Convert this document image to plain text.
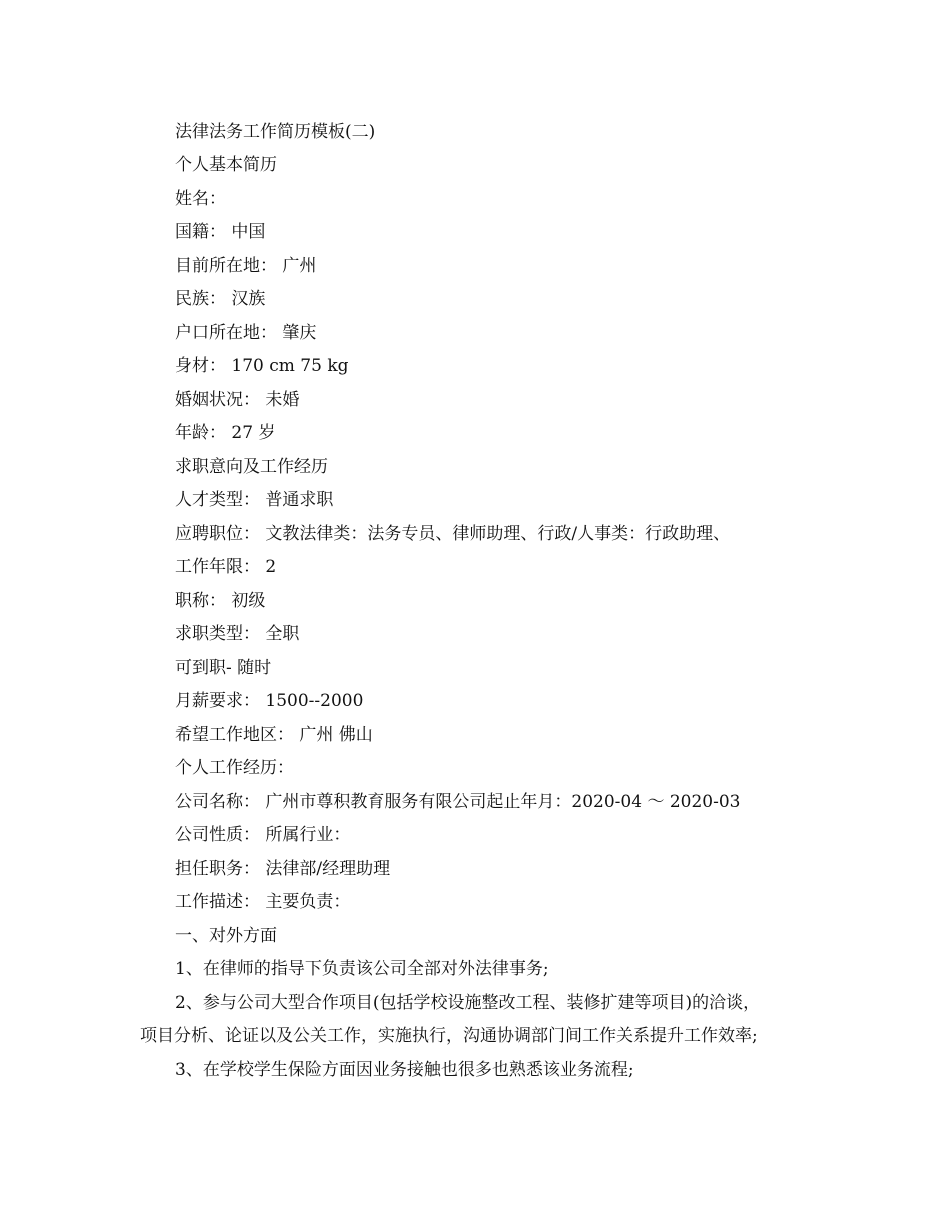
法律法务工作简历模板(二)
个人基本简历
姓名：
国籍： 中国
目前所在地： 广州
民族： 汉族
户口所在地： 肇庆
身材： 170 cm 75 kg
婚姻状况： 未婚
年龄： 27 岁
求职意向及工作经历
人才类型： 普通求职
应聘职位： 文教法律类：法务专员、律师助理、行政/人事类：行政助理、
工作年限： 2
职称： 初级
求职类型： 全职
可到职- 随时
月薪要求： 1500--2000
希望工作地区： 广州 佛山
个人工作经历：
公司名称： 广州市尊积教育服务有限公司起止年月：2020-04 ～ 2020-03
公司性质： 所属行业：
担任职务： 法律部/经理助理
工作描述： 主要负责：
一、对外方面
1、在律师的指导下负责该公司全部对外法律事务;
2、参与公司大型合作项目(包括学校设施整改工程、装修扩建等项目)的洽谈，
项目分析、论证以及公关工作，实施执行，沟通协调部门间工作关系提升工作效率;
3、在学校学生保险方面因业务接触也很多也熟悉该业务流程;
